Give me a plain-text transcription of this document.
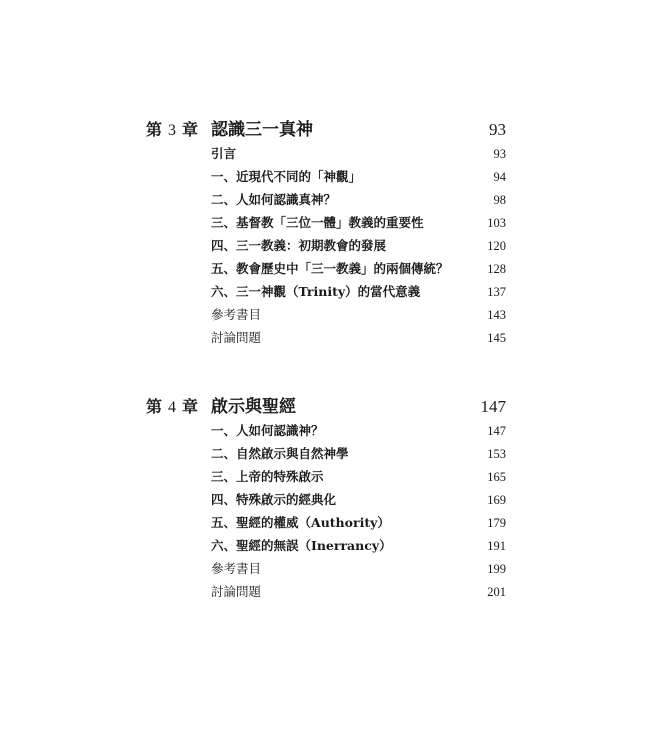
第 3 章 認識三一真神	93
引言	93
一、近現代不同的「神觀」	94
二、人如何認識真神？	98
三、基督教「三位一體」教義的重要性	103
四、三一教義：初期教會的發展	120
五、教會歷史中「三一教義」的兩個傳統？	128
六、三一神觀（Trinity）的當代意義	137
參考書目	143
討論問題	145
第 4 章 啟示與聖經	147
一、人如何認識神？	147
二、自然啟示與自然神學	153
三、上帝的特殊啟示	165
四、特殊啟示的經典化	169
五、聖經的權威（Authority）	179
六、聖經的無誤（Inerrancy）	191
參考書目	199
討論問題	201
